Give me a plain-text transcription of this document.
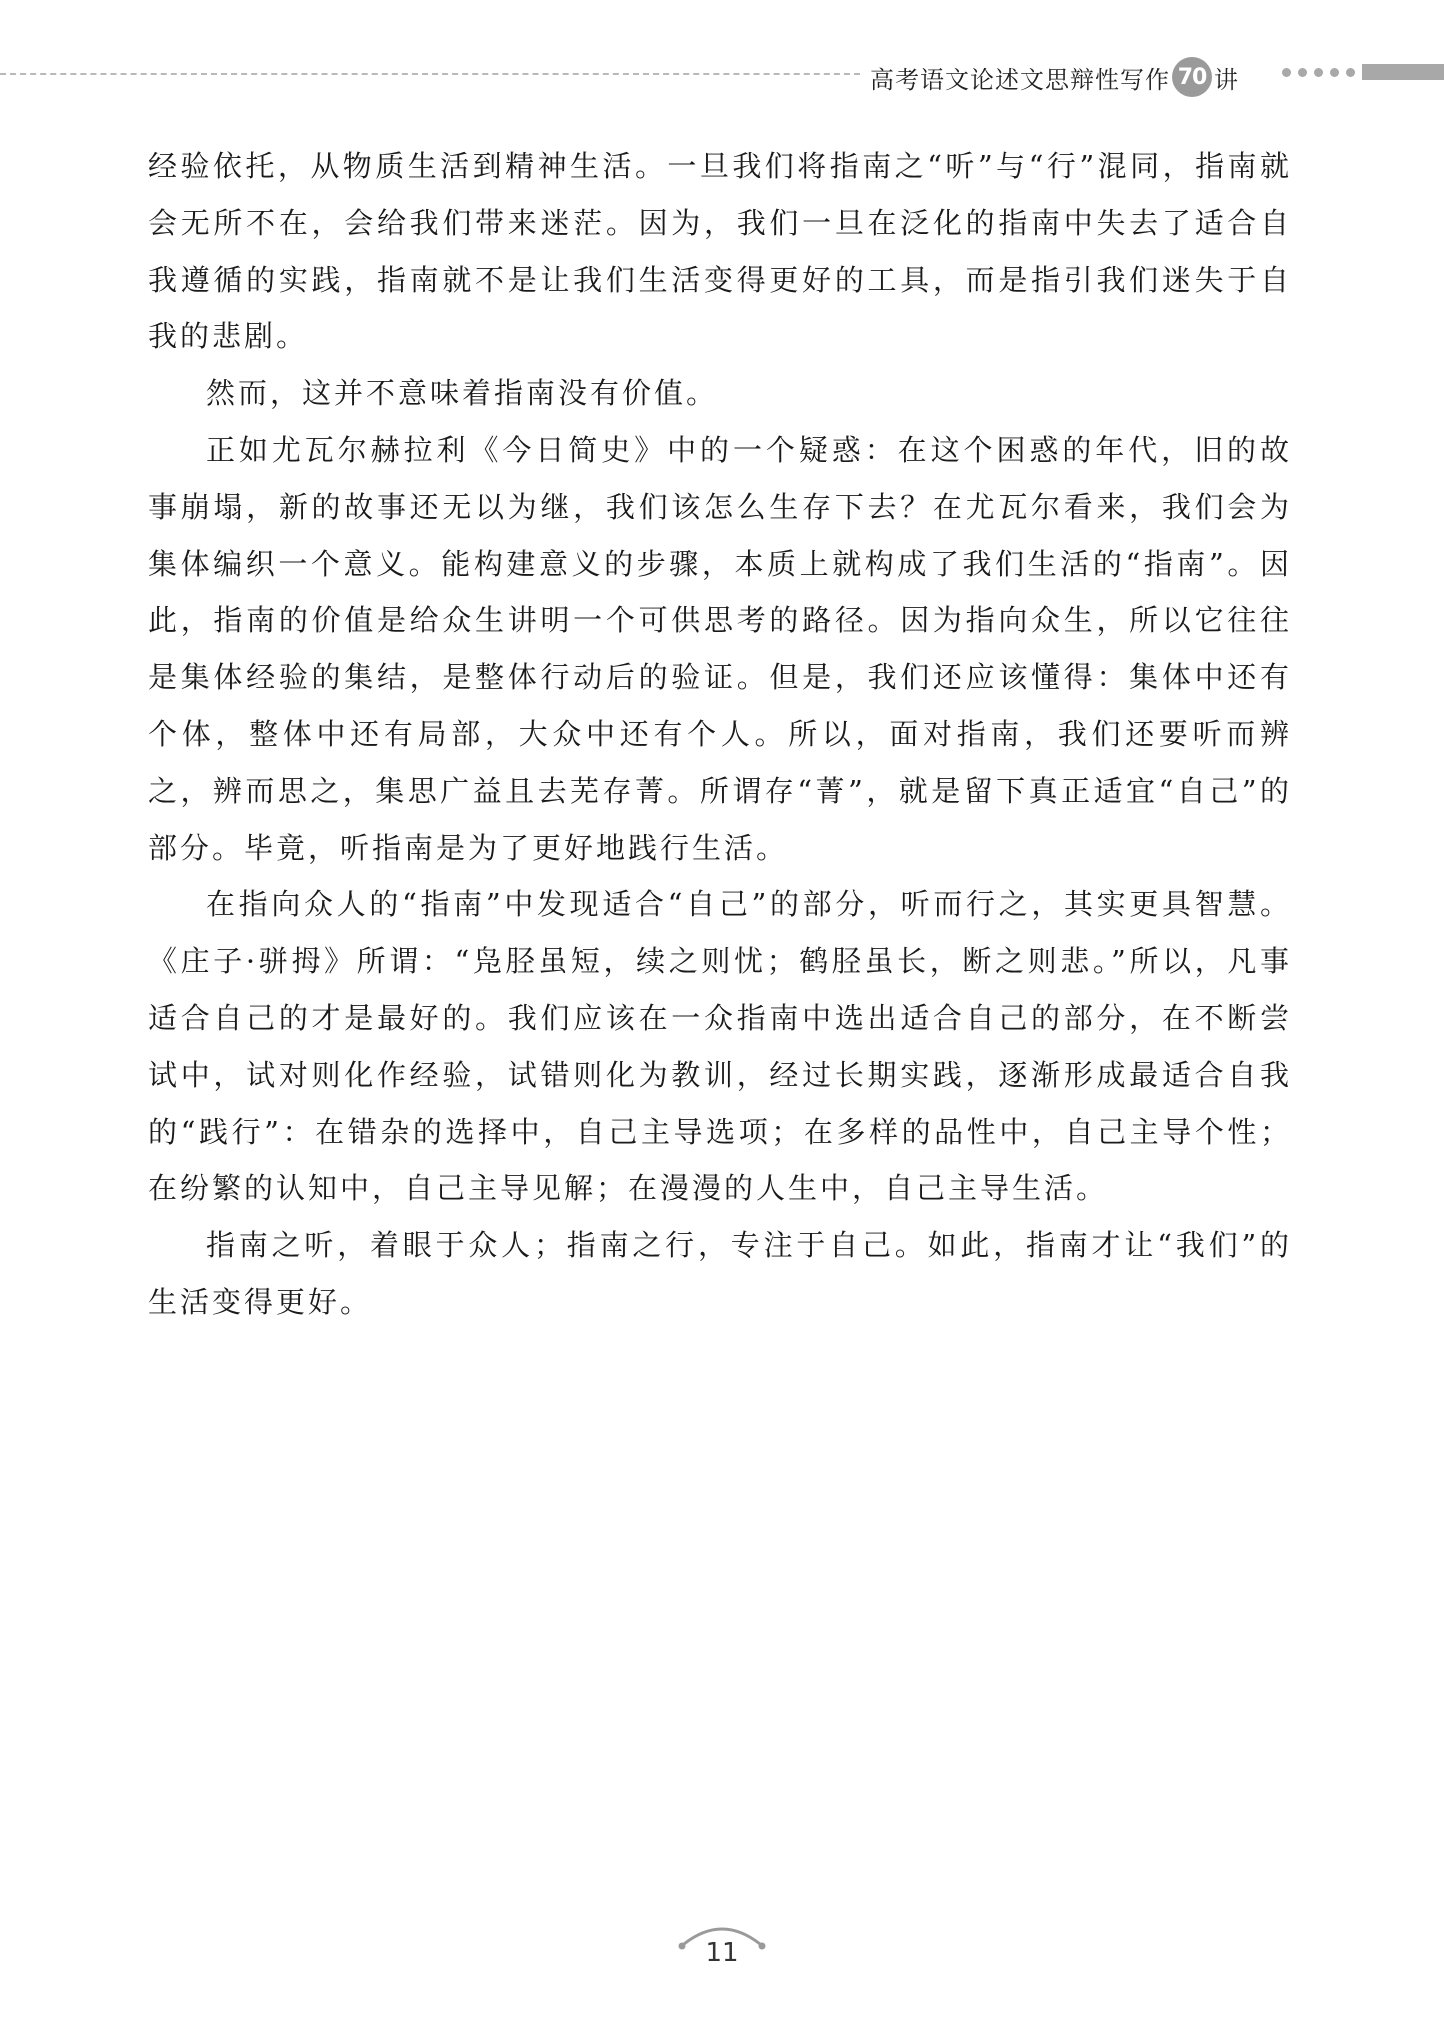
高考语文论述文思辩性写作 70 讲

经验依托，从物质生活到精神生活。一旦我们将指南之“听”与“行”混同，指南就会无所不在，会给我们带来迷茫。因为，我们一旦在泛化的指南中失去了适合自我遵循的实践，指南就不是让我们生活变得更好的工具，而是指引我们迷失于自我的悲剧。

然而，这并不意味着指南没有价值。

正如尤瓦尔赫拉利《今日简史》中的一个疑惑：在这个困惑的年代，旧的故事崩塌，新的故事还无以为继，我们该怎么生存下去？在尤瓦尔看来，我们会为集体编织一个意义。能构建意义的步骤，本质上就构成了我们生活的“指南”。因此，指南的价值是给众生讲明一个可供思考的路径。因为指向众生，所以它往往是集体经验的集结，是整体行动后的验证。但是，我们还应该懂得：集体中还有个体，整体中还有局部，大众中还有个人。所以，面对指南，我们还要听而辨之，辨而思之，集思广益且去芜存菁。所谓存“菁”，就是留下真正适宜“自己”的部分。毕竟，听指南是为了更好地践行生活。

在指向众人的“指南”中发现适合“自己”的部分，听而行之，其实更具智慧。《庄子·骈拇》所谓：“凫胫虽短，续之则忧；鹤胫虽长，断之则悲。”所以，凡事适合自己的才是最好的。我们应该在一众指南中选出适合自己的部分，在不断尝试中，试对则化作经验，试错则化为教训，经过长期实践，逐渐形成最适合自我的“践行”：在错杂的选择中，自己主导选项；在多样的品性中，自己主导个性；在纷繁的认知中，自己主导见解；在漫漫的人生中，自己主导生活。

指南之听，着眼于众人；指南之行，专注于自己。如此，指南才让“我们”的生活变得更好。

11
